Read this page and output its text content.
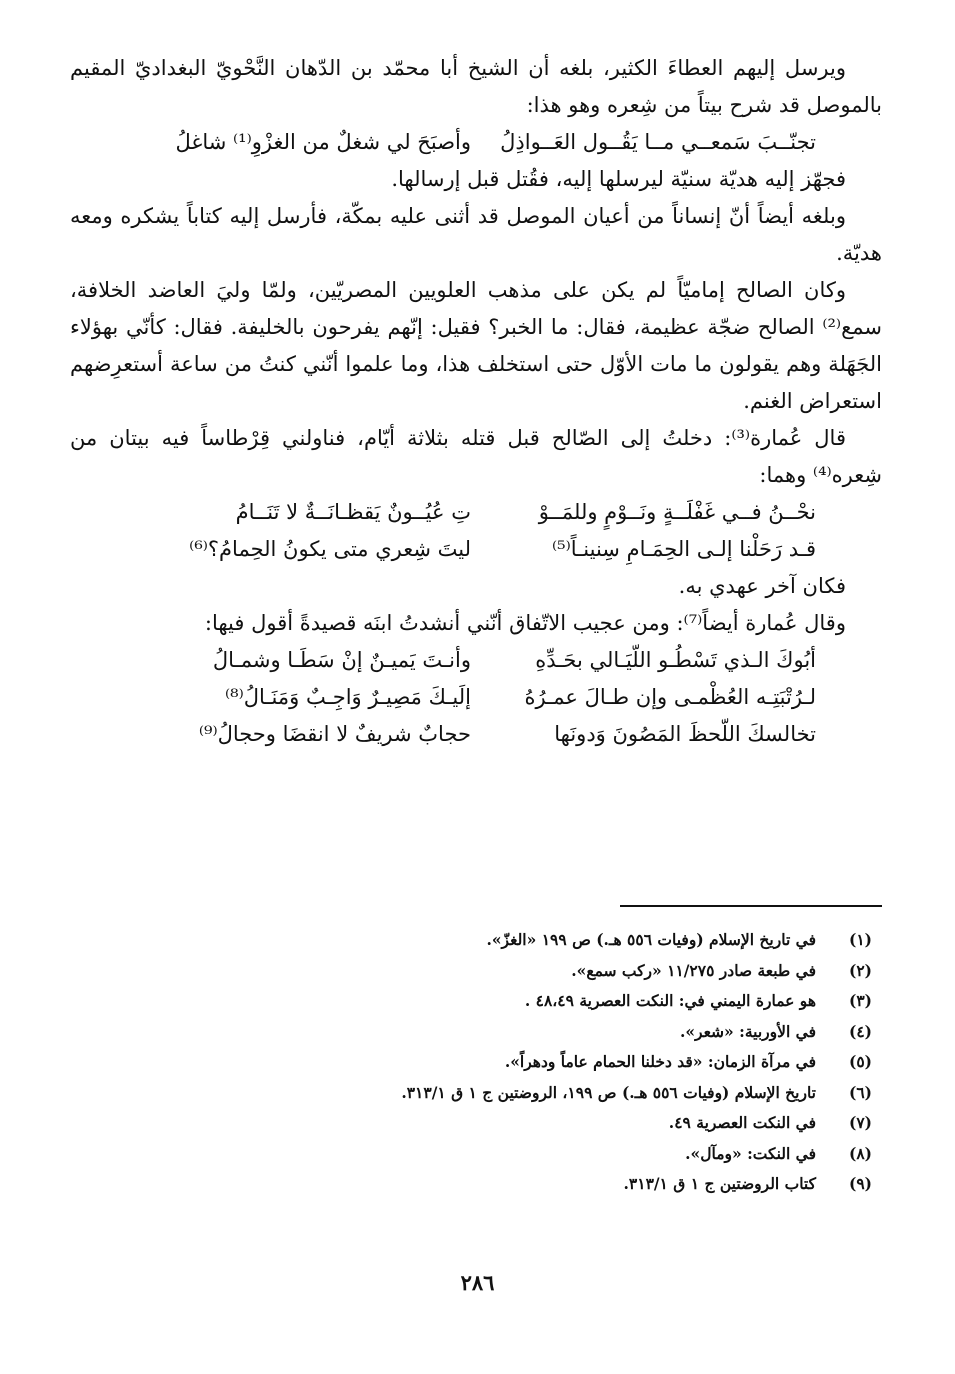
ويرسل إليهم العطاءَ الكثير، بلغه أن الشيخ أبا محمّد بن الدّهان النَّحْويّ البغداديّ المقيم بالموصل قد شرح بيتاً من شِعره وهو هذا:

تجنّــبَ سَمعــي مــا يَقُــول العَــواذِلُ
وأصبَحَ لي شغلٌ من الغزْوِ⁽¹⁾ شاغلُ

فجهّز إليه هديّة سنيّة ليرسلها إليه، فقُتل قبل إرسالها.

وبلغه أيضاً أنّ إنساناً من أعيان الموصل قد أثنى عليه بمكّة، فأرسل إليه كتاباً يشكره ومعه هديّة.

وكان الصالح إماميّاً لم يكن على مذهب العلويين المصريّين، ولمّا وليَ العاضد الخلافة، سمع⁽²⁾ الصالح ضجّة عظيمة، فقال: ما الخبر؟ فقيل: إنّهم يفرحون بالخليفة. فقال: كأنّي بهؤلاء الجَهَلة وهم يقولون ما مات الأوّل حتى استخلف هذا، وما علموا أنّني كنتُ من ساعة أستعرِضهم استعراض الغنم.

قال عُمارة⁽³⁾: دخلتُ إلى الصّالح قبل قتله بثلاثة أيّام، فناولني قِرْطاساً فيه بيتان من شِعره⁽⁴⁾ وهما:

نحْــنُ فــي غَفْلَــةٍ ونَــوْمٍ وللمَــوْ
تِ عُيُــونٌ يَقظـانَــةٌ لا تَنَــامُ
قـد رَحَلْنا إلـى الحِمَـامِ سِنينـاً⁽⁵⁾
ليتَ شِعري متى يكونُ الحِمامُ؟⁽⁶⁾

فكان آخر عهدي به.

وقال عُمارة أيضاً⁽⁷⁾: ومن عجيب الاتّفاق أنّني أنشدتُ ابنَه قصيدةً أقول فيها:

أبُوكَ الـذي تَسْطُـو اللّيَـالي بحَـدِّهِ
وأنـتَ يَميـنٌ إنْ سَطَـا وشمـالُ
لـرُتْبَتِـه العُظْمـى وإن طـالَ عمـرُهُ
إلَيـكَ مَصِيـرٌ وَاجِـبٌ وَمَنَـالُ⁽⁸⁾
تخالسكَ اللّحظَ المَصُونَ وَدونَها
حجابٌ شريفٌ لا انقضَا وحجالُ⁽⁹⁾
(١)
في تاريخ الإسلام (وفيات ٥٥٦ هـ.) ص ١٩٩ «الغزّ».
(٢)
في طبعة صادر ١١/٢٧٥ «ركب سمع».
(٣)
هو عمارة اليمني في: النكت العصرية ٤٨،٤٩ .
(٤)
في الأوربية: «شعر».
(٥)
في مرآة الزمان: «قد دخلنا الحمام عاماً ودهراً».
(٦)
تاريخ الإسلام (وفيات ٥٥٦ هـ.) ص ١٩٩، الروضتين ج ١ ق ٣١٣/١.
(٧)
في النكت العصرية ٤٩.
(٨)
في النكت: «ومآل».
(٩)
كتاب الروضتين ج ١ ق ٣١٣/١.
٢٨٦
